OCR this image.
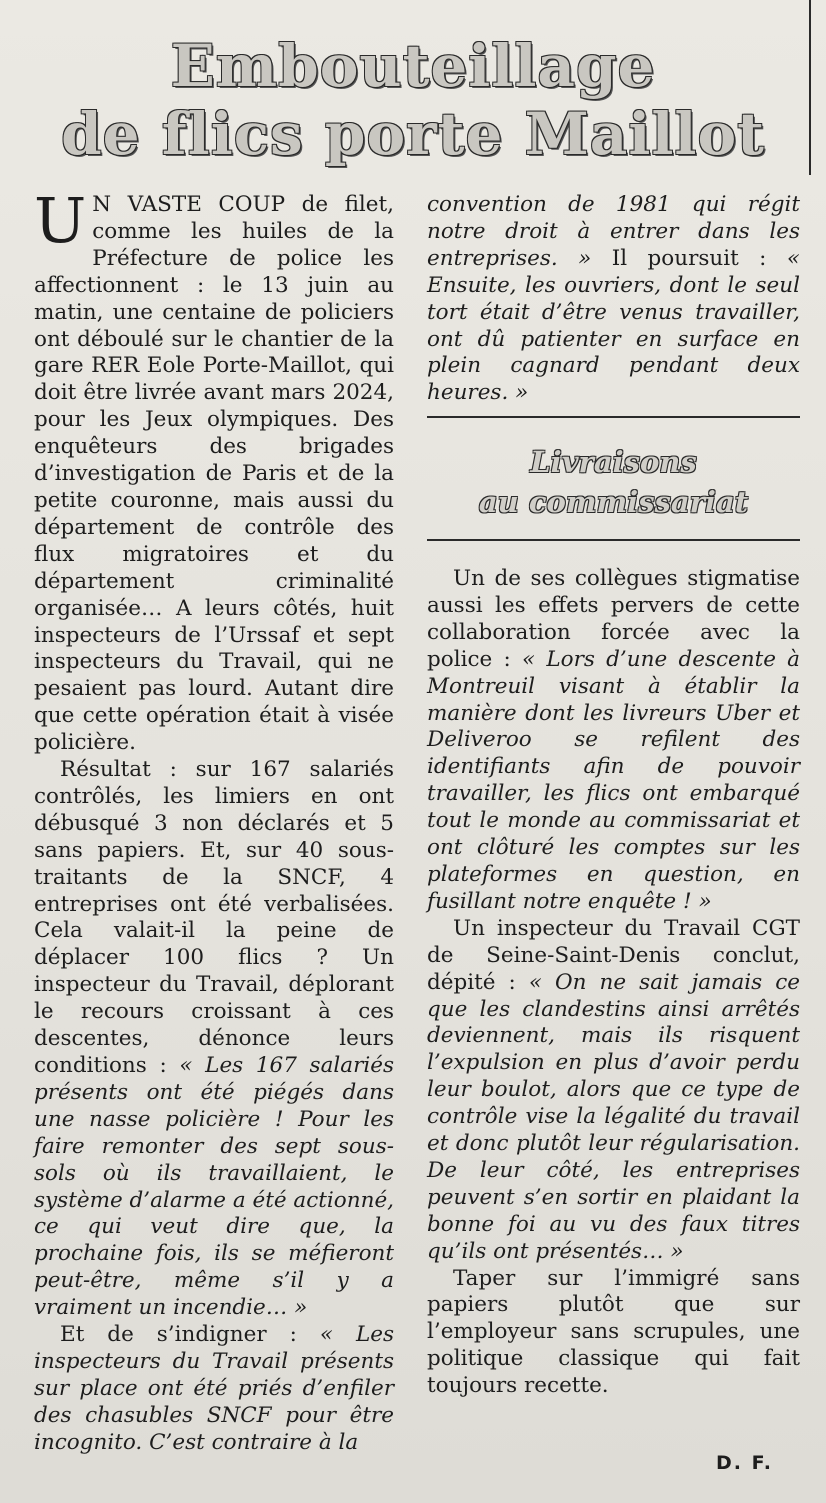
Embouteillage
de flics porte Maillot

U N VASTE COUP de filet, comme les huiles de la Préfecture de police les affectionnent : le 13 juin au matin, une centaine de policiers ont déboulé sur le chantier de la gare RER Eole Porte-Maillot, qui doit être livrée avant mars 2024, pour les Jeux olympiques. Des enquêteurs des brigades d’investigation de Paris et de la petite couronne, mais aussi du département de contrôle des flux migratoires et du département criminalité organisée… A leurs côtés, huit inspecteurs de l’Urssaf et sept inspecteurs du Travail, qui ne pesaient pas lourd. Autant dire que cette opération était à visée policière.

Résultat : sur 167 salariés contrôlés, les limiers en ont débusqué 3 non déclarés et 5 sans papiers. Et, sur 40 sous-traitants de la SNCF, 4 entreprises ont été verbalisées. Cela valait-il la peine de déplacer 100 flics ? Un inspecteur du Travail, déplorant le recours croissant à ces descentes, dénonce leurs conditions : « Les 167 salariés présents ont été piégés dans une nasse policière ! Pour les faire remonter des sept sous-sols où ils travaillaient, le système d’alarme a été actionné, ce qui veut dire que, la prochaine fois, ils se méfieront peut-être, même s’il y a vraiment un incendie… »

Et de s’indigner : « Les inspecteurs du Travail présents sur place ont été priés d’enfiler des chasubles SNCF pour être incognito. C’est contraire à la

convention de 1981 qui régit notre droit à entrer dans les entreprises. » Il poursuit : « Ensuite, les ouvriers, dont le seul tort était d’être venus travailler, ont dû patienter en surface en plein cagnard pendant deux heures. »

Livraisons
au commissariat

Un de ses collègues stigmatise aussi les effets pervers de cette collaboration forcée avec la police : « Lors d’une descente à Montreuil visant à établir la manière dont les livreurs Uber et Deliveroo se refilent des identifiants afin de pouvoir travailler, les flics ont embarqué tout le monde au commissariat et ont clôturé les comptes sur les plateformes en question, en fusillant notre enquête ! »

Un inspecteur du Travail CGT de Seine-Saint-Denis conclut, dépité : « On ne sait jamais ce que les clandestins ainsi arrêtés deviennent, mais ils risquent l’expulsion en plus d’avoir perdu leur boulot, alors que ce type de contrôle vise la légalité du travail et donc plutôt leur régularisation. De leur côté, les entreprises peuvent s’en sortir en plaidant la bonne foi au vu des faux titres qu’ils ont présentés… »

Taper sur l’immigré sans papiers plutôt que sur l’employeur sans scrupules, une politique classique qui fait toujours recette.

D. F.
